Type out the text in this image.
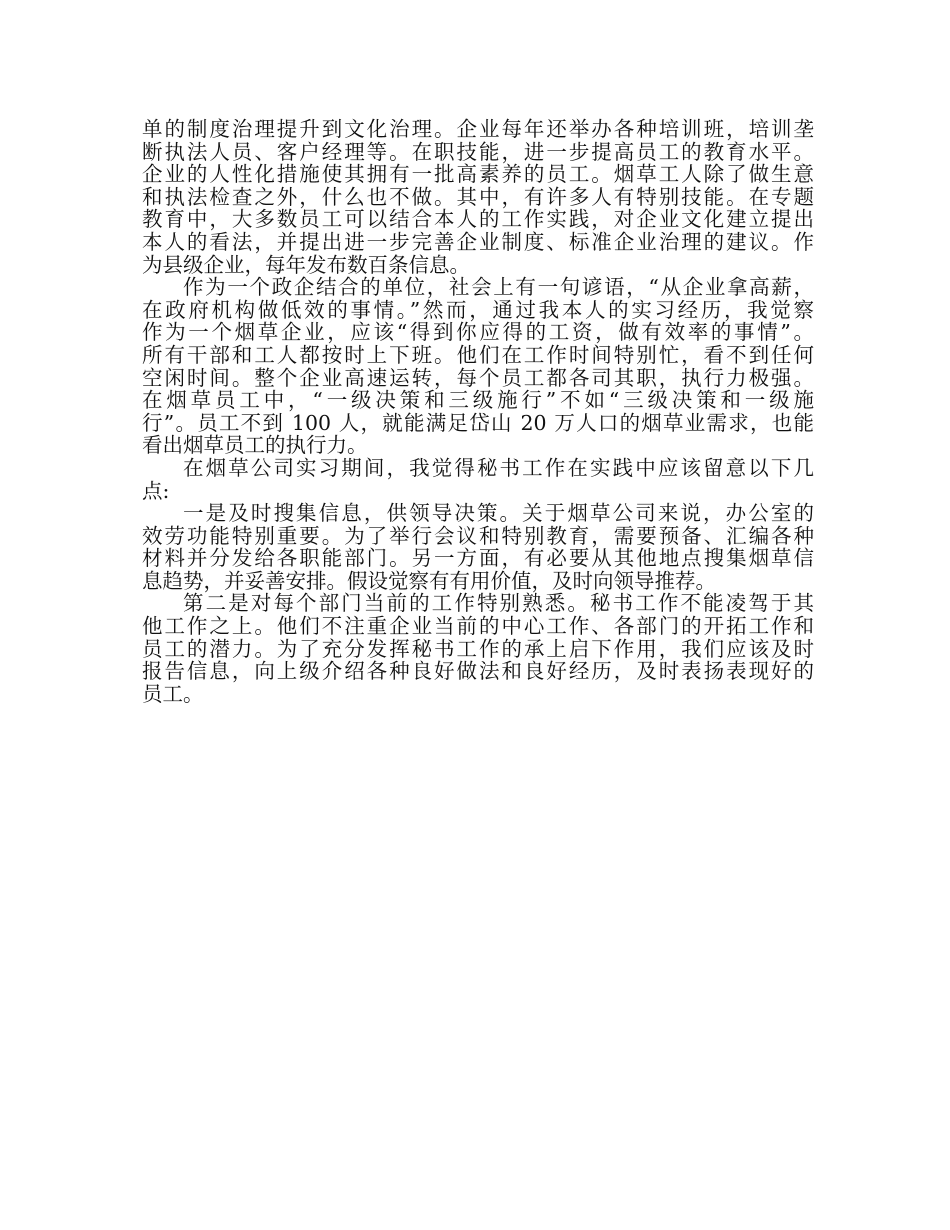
单的制度治理提升到文化治理。企业每年还举办各种培训班，培训垄
断执法人员、客户经理等。在职技能，进一步提高员工的教育水平。
企业的人性化措施使其拥有一批高素养的员工。烟草工人除了做生意
和执法检查之外，什么也不做。其中，有许多人有特别技能。在专题
教育中，大多数员工可以结合本人的工作实践，对企业文化建立提出
本人的看法，并提出进一步完善企业制度、标准企业治理的建议。作
为县级企业，每年发布数百条信息。
作为一个政企结合的单位，社会上有一句谚语，“从企业拿高薪，
在政府机构做低效的事情。”然而，通过我本人的实习经历，我觉察
作为一个烟草企业，应该“得到你应得的工资，做有效率的事情”。
所有干部和工人都按时上下班。他们在工作时间特别忙，看不到任何
空闲时间。整个企业高速运转，每个员工都各司其职，执行力极强。
在烟草员工中，“一级决策和三级施行”不如“三级决策和一级施
行”。员工不到 100 人，就能满足岱山 20 万人口的烟草业需求，也能
看出烟草员工的执行力。
在烟草公司实习期间，我觉得秘书工作在实践中应该留意以下几
点:
一是及时搜集信息，供领导决策。关于烟草公司来说，办公室的
效劳功能特别重要。为了举行会议和特别教育，需要预备、汇编各种
材料并分发给各职能部门。另一方面，有必要从其他地点搜集烟草信
息趋势，并妥善安排。假设觉察有有用价值，及时向领导推荐。
第二是对每个部门当前的工作特别熟悉。秘书工作不能凌驾于其
他工作之上。他们不注重企业当前的中心工作、各部门的开拓工作和
员工的潜力。为了充分发挥秘书工作的承上启下作用，我们应该及时
报告信息，向上级介绍各种良好做法和良好经历，及时表扬表现好的
员工。
